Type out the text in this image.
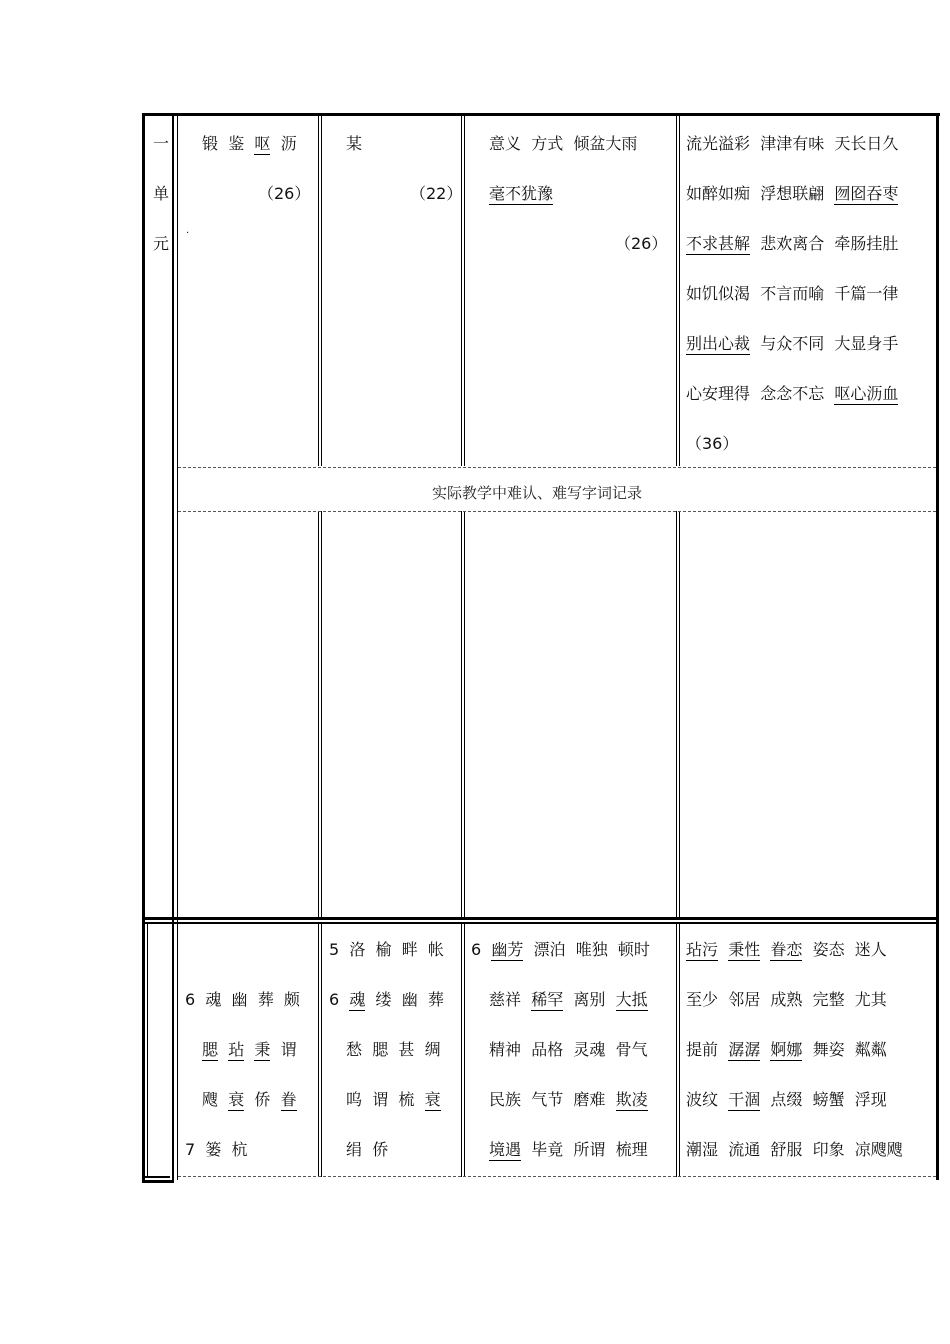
一
单
元
锻 鉴 呕 沥
（26）
·
某
（22）
意义 方式 倾盆大雨
毫不犹豫
（26）
流光溢彩 津津有味 天长日久
如醉如痴 浮想联翩 囫囵吞枣
不求甚解 悲欢离合 牵肠挂肚
如饥似渴 不言而喻 千篇一律
别出心裁 与众不同 大显身手
心安理得 念念不忘 呕心沥血
（36）
实际教学中难认、难写字词记录
6 魂 幽 葬 颇
腮 玷 秉 谓
飕 衰 侨 眷
7 篓 杭
5 洛 榆 畔 帐
6 魂 缕 幽 葬
愁 腮 甚 绸
呜 谓 梳 衰
绢 侨
6 幽芳 漂泊 唯独 顿时
慈祥 稀罕 离别 大抵
精神 品格 灵魂 骨气
民族 气节 磨难 欺凌
境遇 毕竟 所谓 梳理
玷污 秉性 眷恋 姿态 迷人
至少 邻居 成熟 完整 尤其
提前 潺潺 婀娜 舞姿 粼粼
波纹 干涸 点缀 螃蟹 浮现
潮湿 流通 舒服 印象 凉飕飕
